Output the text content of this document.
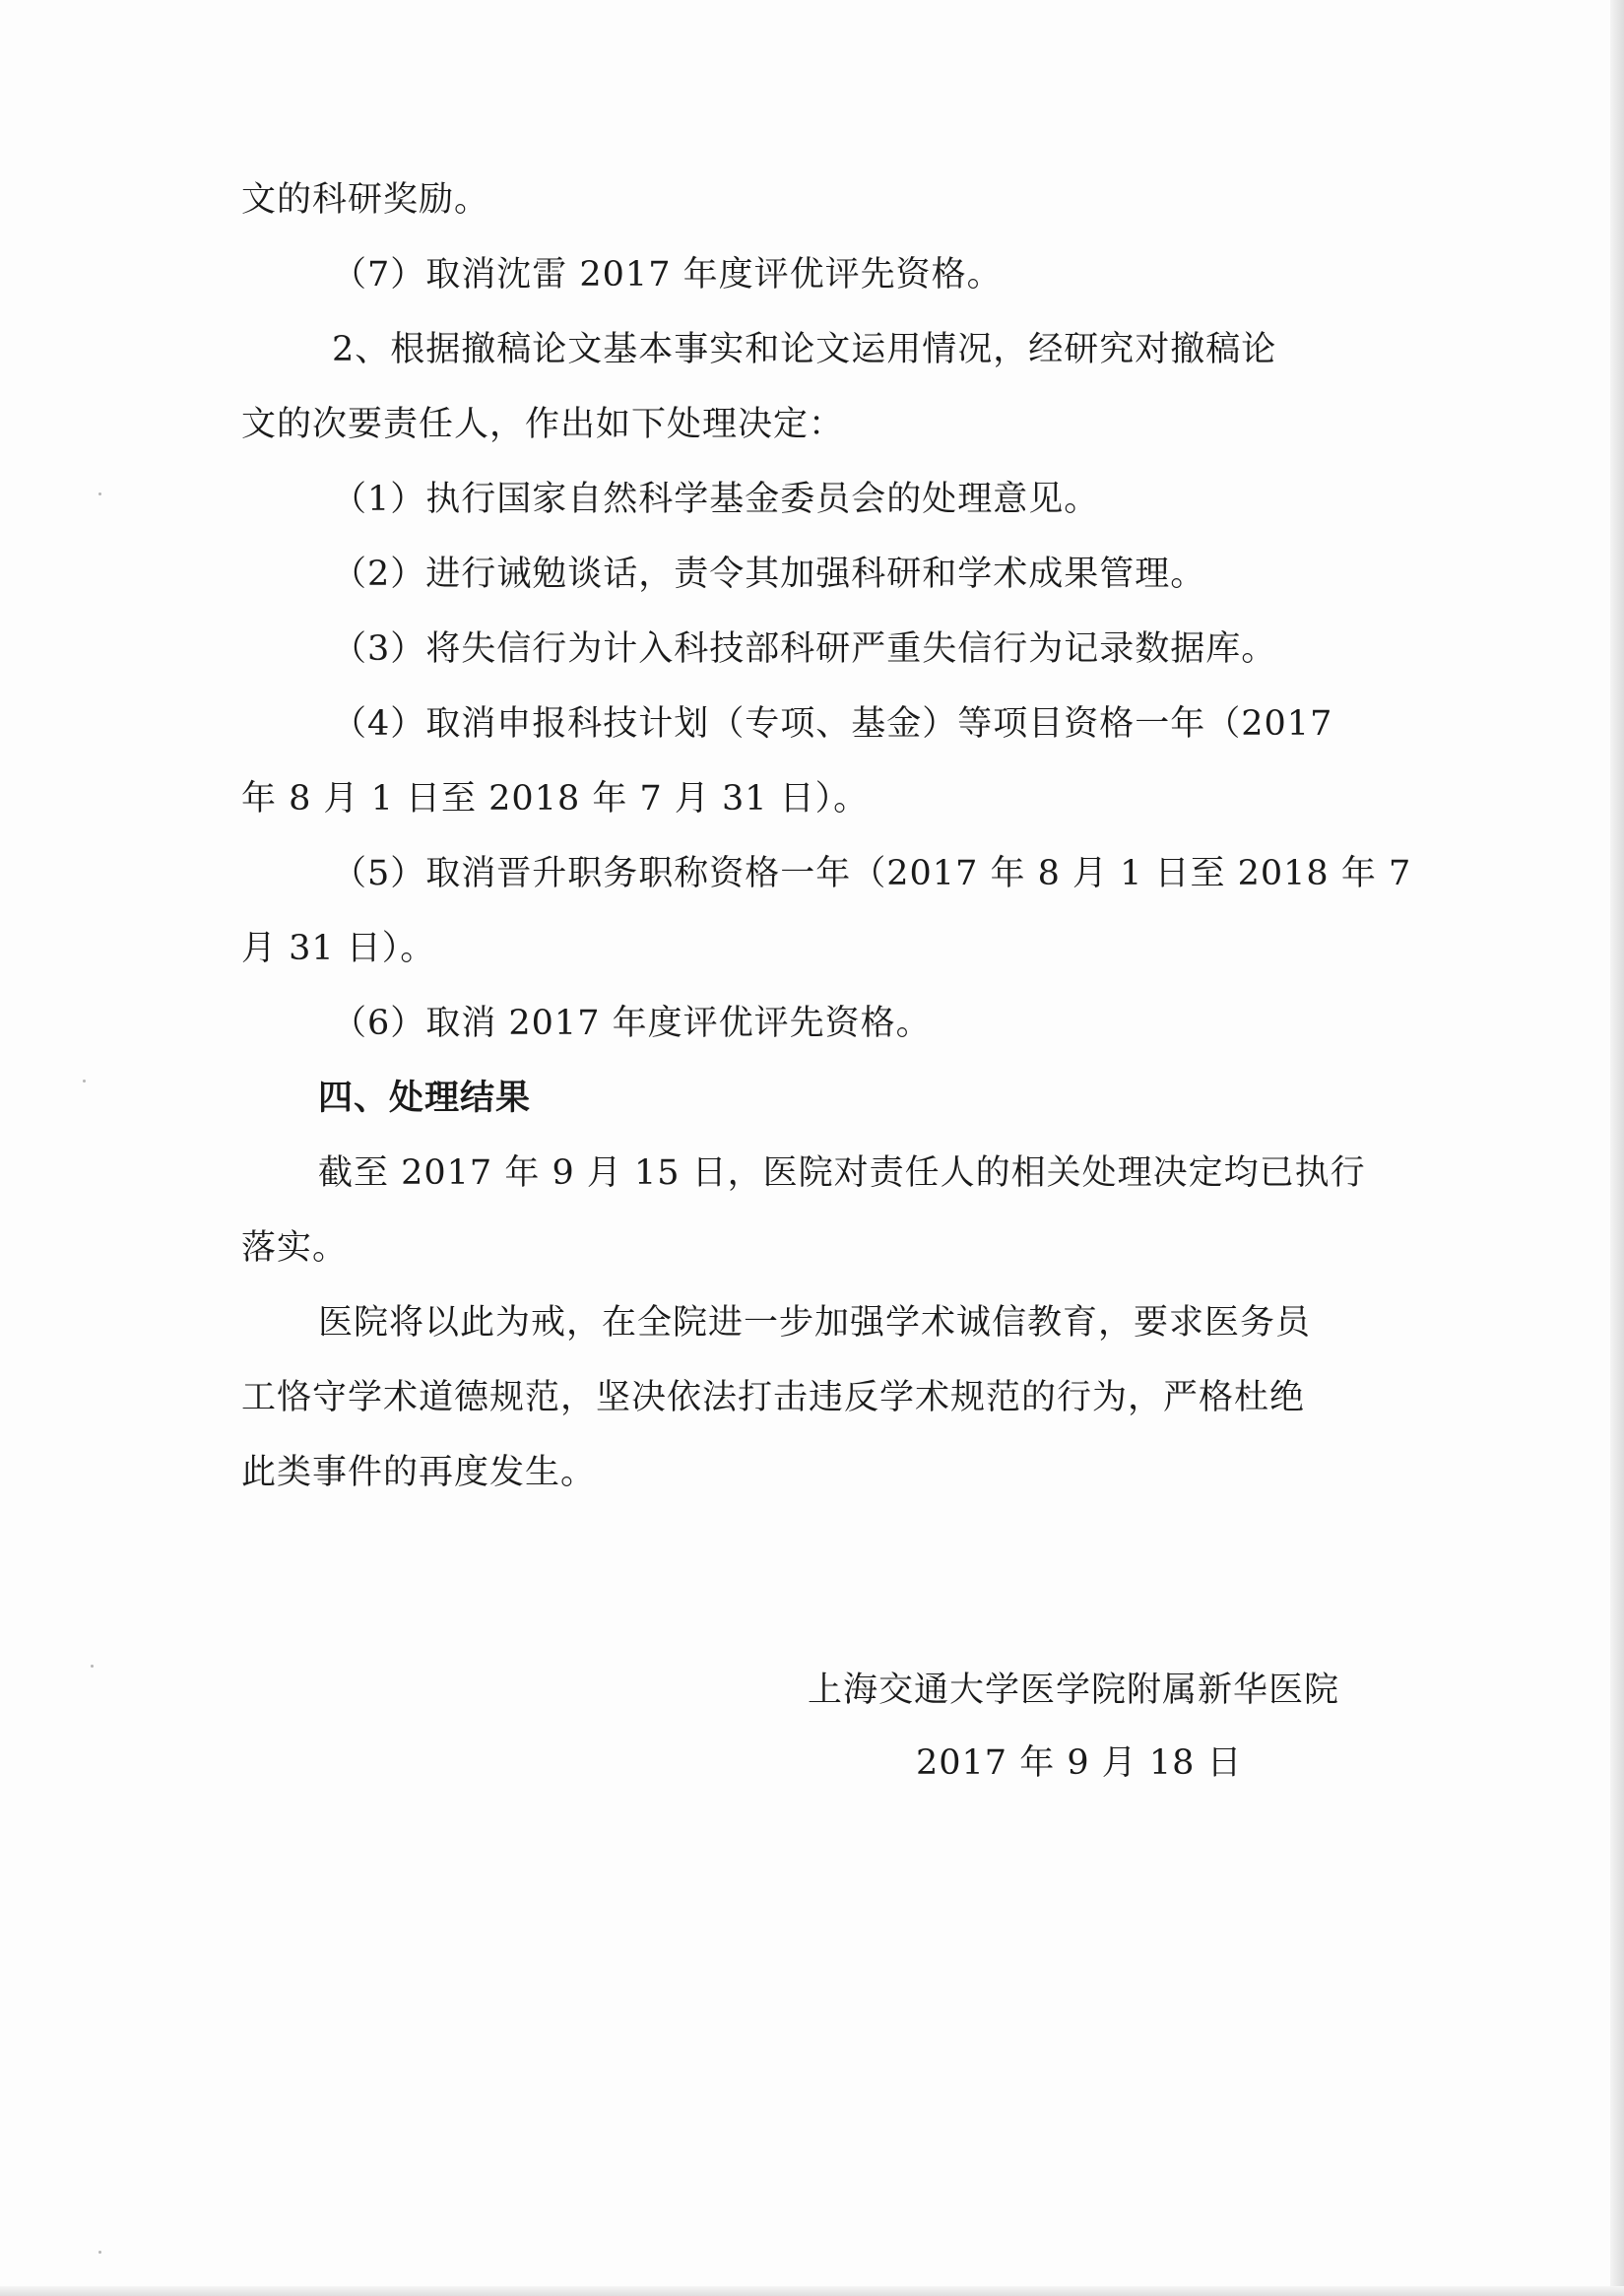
文的科研奖励。
（7）取消沈雷 2017 年度评优评先资格。
2、根据撤稿论文基本事实和论文运用情况，经研究对撤稿论
文的次要责任人，作出如下处理决定：
（1）执行国家自然科学基金委员会的处理意见。
（2）进行诫勉谈话，责令其加强科研和学术成果管理。
（3）将失信行为计入科技部科研严重失信行为记录数据库。
（4）取消申报科技计划（专项、基金）等项目资格一年（2017
年 8 月 1 日至 2018 年 7 月 31 日）。
（5）取消晋升职务职称资格一年（2017 年 8 月 1 日至 2018 年 7
月 31 日）。
（6）取消 2017 年度评优评先资格。
四、处理结果
截至 2017 年 9 月 15 日，医院对责任人的相关处理决定均已执行
落实。
医院将以此为戒，在全院进一步加强学术诚信教育，要求医务员
工恪守学术道德规范，坚决依法打击违反学术规范的行为，严格杜绝
此类事件的再度发生。
上海交通大学医学院附属新华医院
2017 年 9 月 18 日
